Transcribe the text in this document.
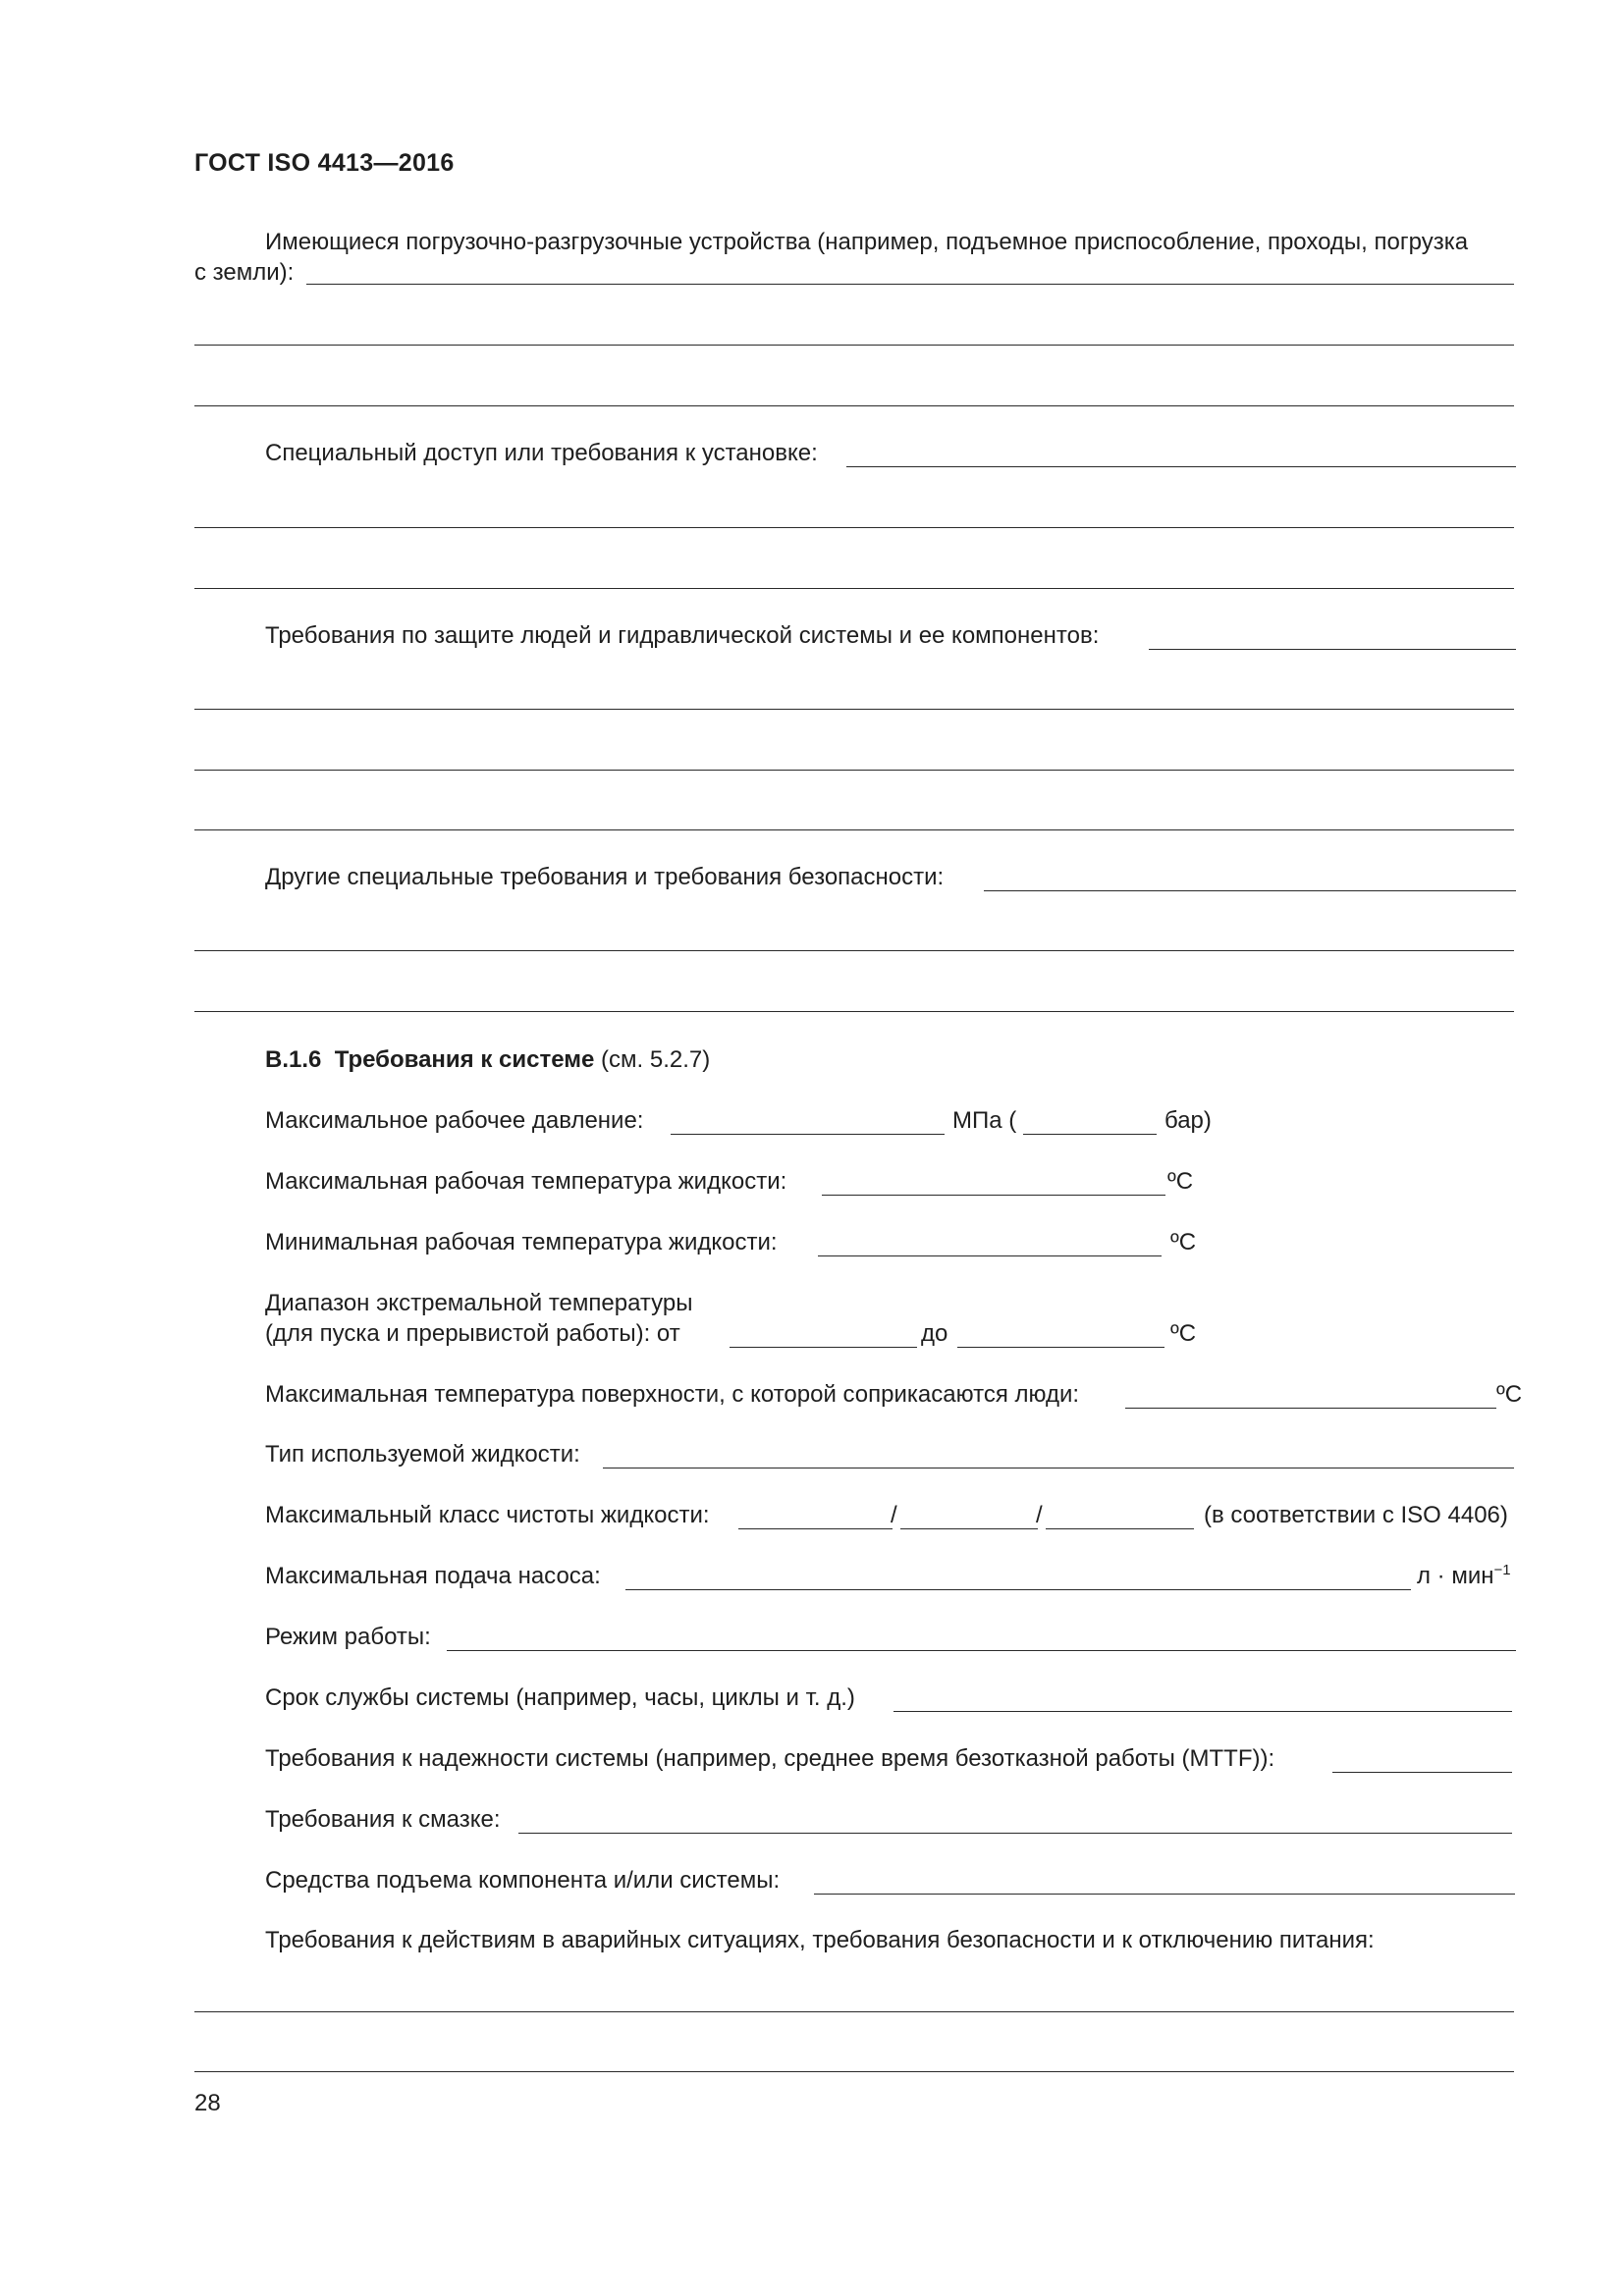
ГОСТ ISO 4413—2016
Имеющиеся погрузочно-разгрузочные устройства (например, подъемное приспособление, проходы, погрузка
с земли):
Специальный доступ или требования к установке:
Требования по защите людей и гидравлической системы и ее компонентов:
Другие специальные требования и требования безопасности:
В.1.6 Требования к системе (см. 5.2.7)
Максимальное рабочее давление:	МПа (	бар)
Максимальная рабочая температура жидкости:	ºC
Минимальная рабочая температура жидкости:	ºC
Диапазон экстремальной температуры
(для пуска и прерывистой работы): от	до	ºC
Максимальная температура поверхности, с которой соприкасаются люди:	ºC
Тип используемой жидкости:
Максимальный класс чистоты жидкости:	/	/	(в соответствии с ISO 4406)
Максимальная подача насоса:	л · мин$^{-1}$
Режим работы:
Срок службы системы (например, часы, циклы и т. д.)
Требования к надежности системы (например, среднее время безотказной работы (MTTF)):
Требования к смазке:
Средства подъема компонента и/или системы:
Требования к действиям в аварийных ситуациях, требования безопасности и к отключению питания:
28
